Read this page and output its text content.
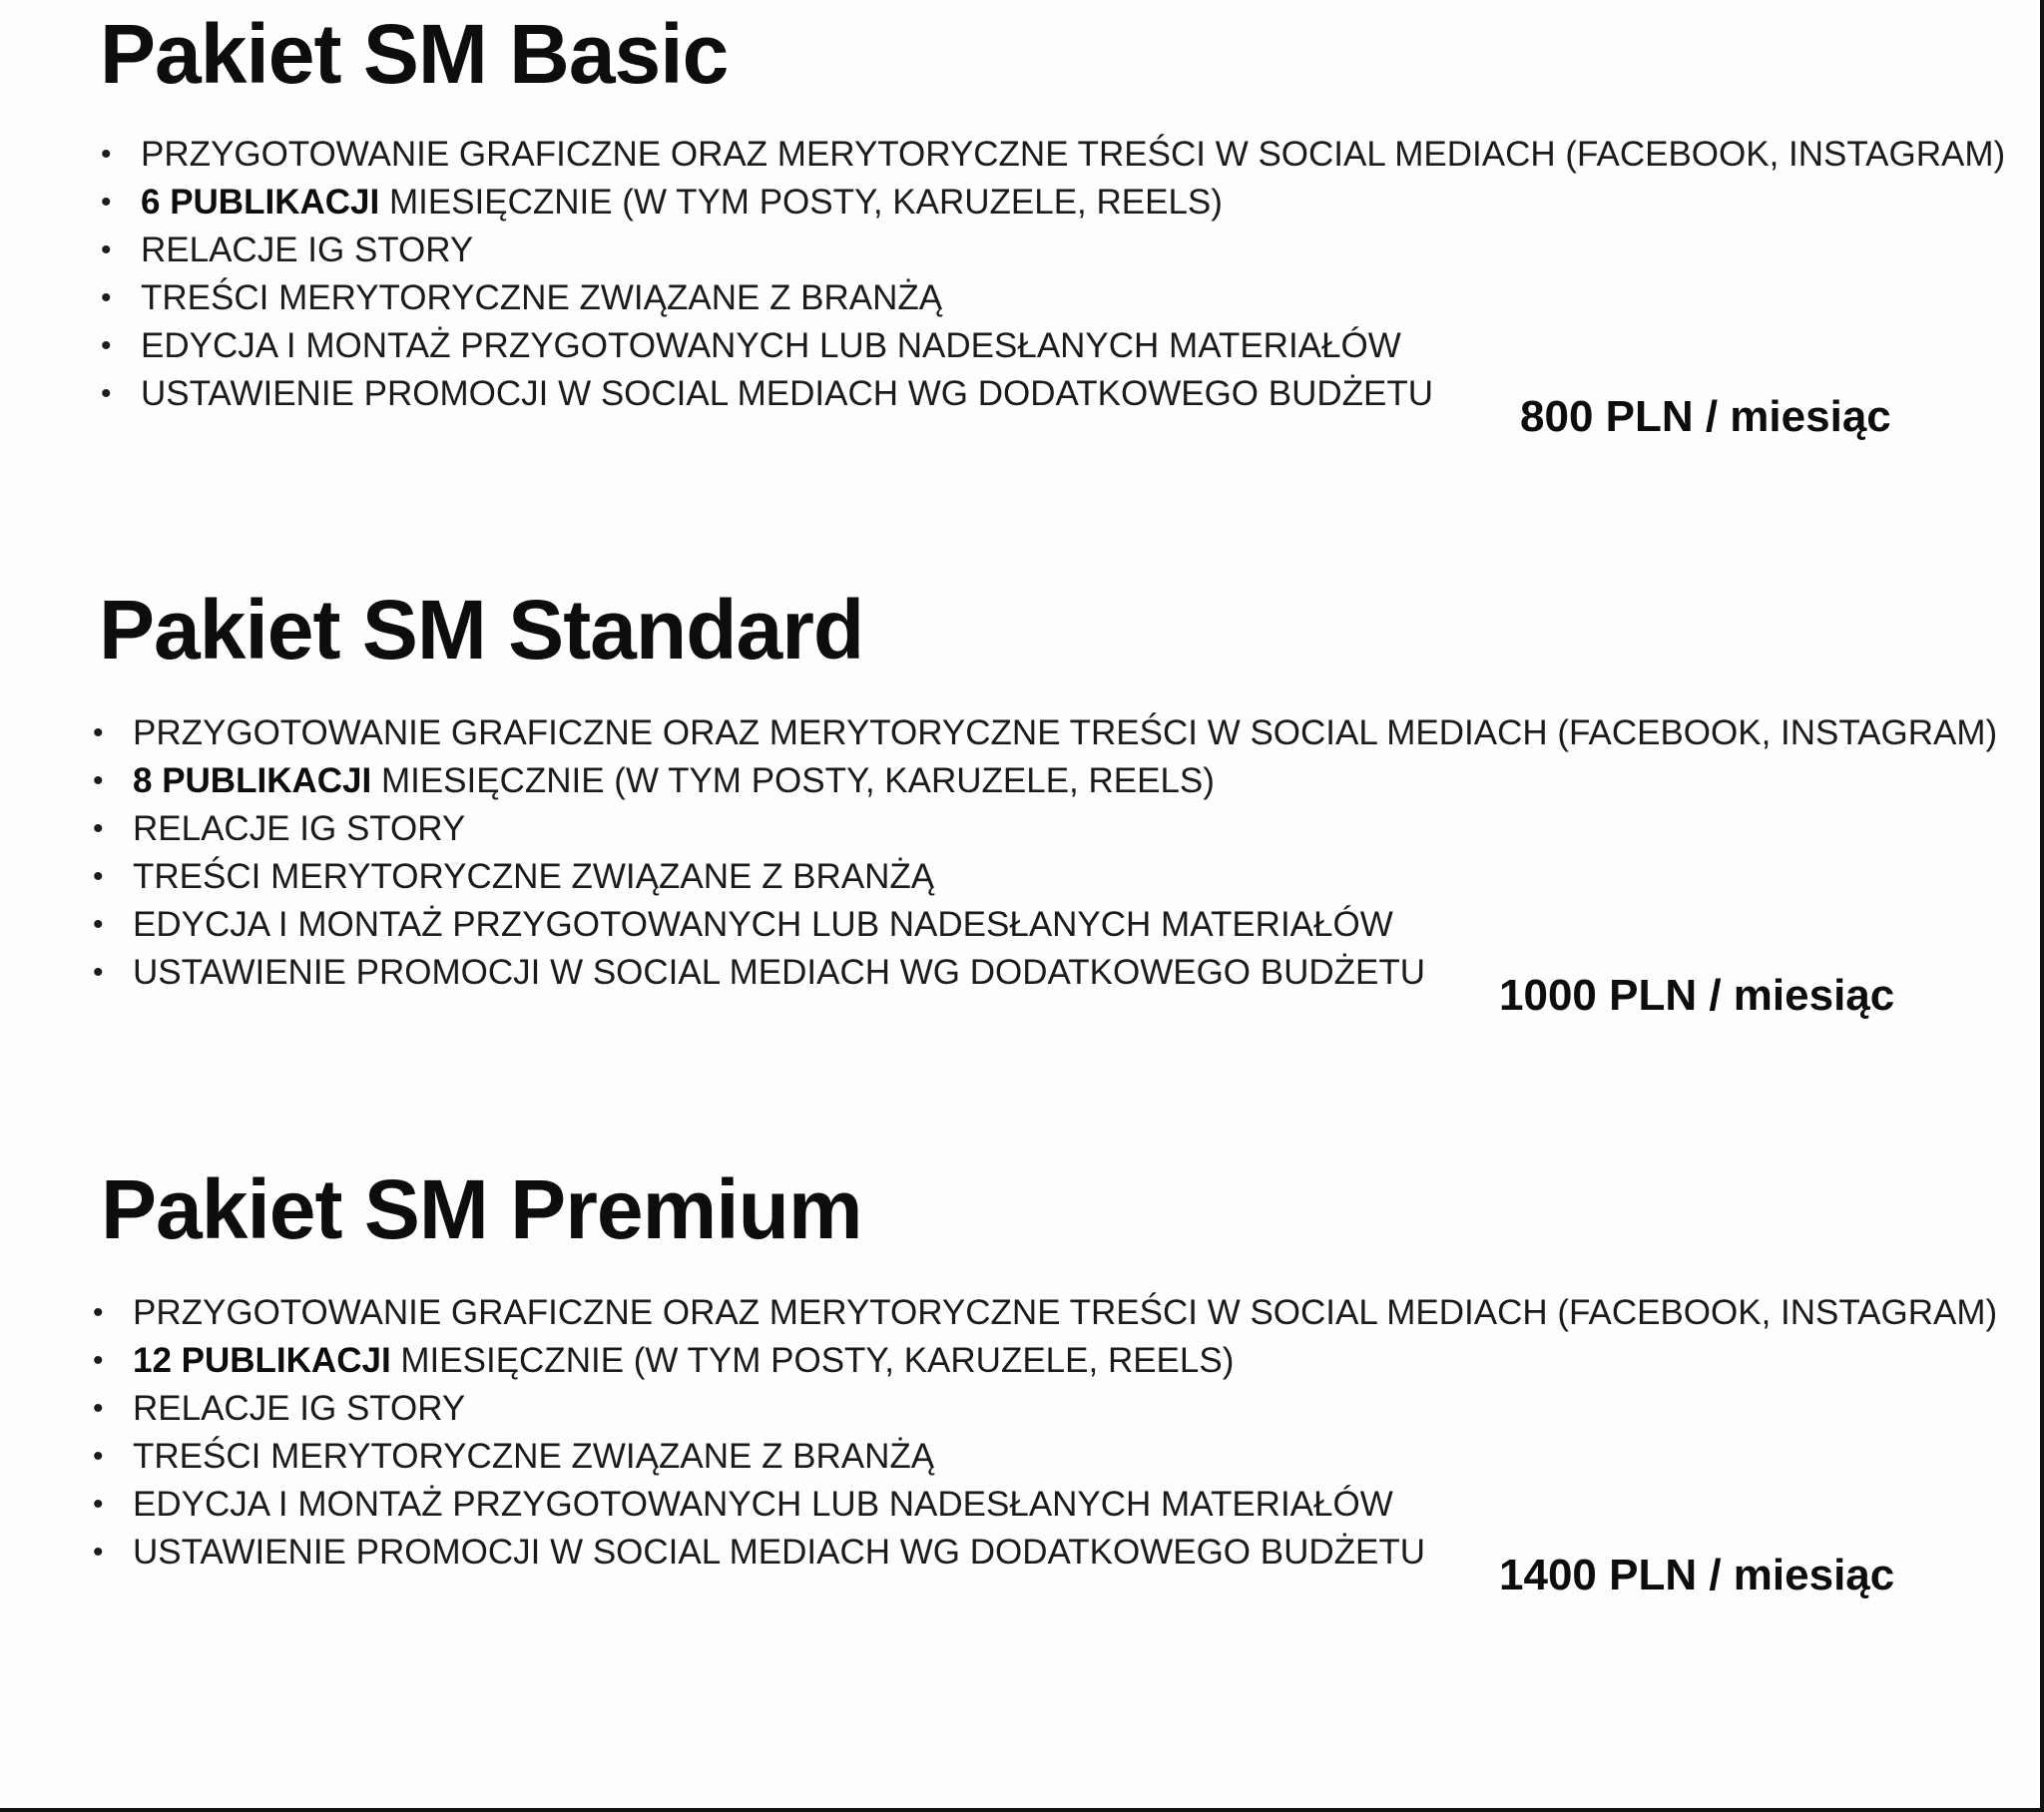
Pakiet SM Basic
• PRZYGOTOWANIE GRAFICZNE ORAZ MERYTORYCZNE TREŚCI W SOCIAL MEDIACH (FACEBOOK, INSTAGRAM)
• 6 PUBLIKACJI MIESIĘCZNIE (W TYM POSTY, KARUZELE, REELS)
• RELACJE IG STORY
• TREŚCI MERYTORYCZNE ZWIĄZANE Z BRANŻĄ
• EDYCJA I MONTAŻ PRZYGOTOWANYCH LUB NADESŁANYCH MATERIAŁÓW
• USTAWIENIE PROMOCJI W SOCIAL MEDIACH WG DODATKOWEGO BUDŻETU	800 PLN / miesiąc

Pakiet SM Standard
• PRZYGOTOWANIE GRAFICZNE ORAZ MERYTORYCZNE TREŚCI W SOCIAL MEDIACH (FACEBOOK, INSTAGRAM)
• 8 PUBLIKACJI MIESIĘCZNIE (W TYM POSTY, KARUZELE, REELS)
• RELACJE IG STORY
• TREŚCI MERYTORYCZNE ZWIĄZANE Z BRANŻĄ
• EDYCJA I MONTAŻ PRZYGOTOWANYCH LUB NADESŁANYCH MATERIAŁÓW
• USTAWIENIE PROMOCJI W SOCIAL MEDIACH WG DODATKOWEGO BUDŻETU	1000 PLN / miesiąc

Pakiet SM Premium
• PRZYGOTOWANIE GRAFICZNE ORAZ MERYTORYCZNE TREŚCI W SOCIAL MEDIACH (FACEBOOK, INSTAGRAM)
• 12 PUBLIKACJI MIESIĘCZNIE (W TYM POSTY, KARUZELE, REELS)
• RELACJE IG STORY
• TREŚCI MERYTORYCZNE ZWIĄZANE Z BRANŻĄ
• EDYCJA I MONTAŻ PRZYGOTOWANYCH LUB NADESŁANYCH MATERIAŁÓW
• USTAWIENIE PROMOCJI W SOCIAL MEDIACH WG DODATKOWEGO BUDŻETU	1400 PLN / miesiąc
